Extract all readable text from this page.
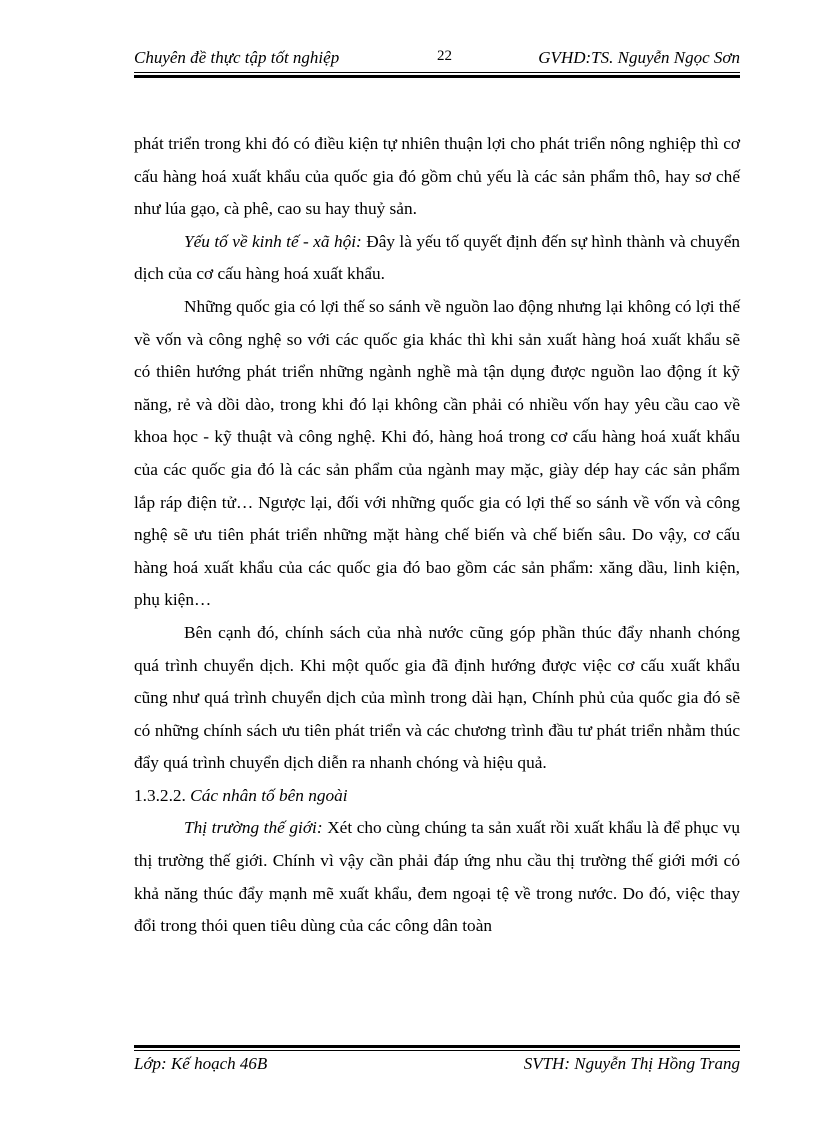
Chuyên đề thực tập tốt nghiệp	22	GVHD:TS. Nguyễn Ngọc Sơn

phát triển trong khi đó có điều kiện tự nhiên thuận lợi cho phát triển nông nghiệp thì cơ cấu hàng hoá xuất khẩu của quốc gia đó gồm chủ yếu là các sản phẩm thô, hay sơ chế như lúa gạo, cà phê, cao su hay thuỷ sản.

Yếu tố về kinh tế - xã hội: Đây là yếu tố quyết định đến sự hình thành và chuyển dịch của cơ cấu hàng hoá xuất khẩu.

Những quốc gia có lợi thế so sánh về nguồn lao động nhưng lại không có lợi thế về vốn và công nghệ so với các quốc gia khác thì khi sản xuất hàng hoá xuất khẩu sẽ có thiên hướng phát triển những ngành nghề mà tận dụng được nguồn lao động ít kỹ năng, rẻ và dồi dào, trong khi đó lại không cần phải có nhiều vốn hay yêu cầu cao về khoa học - kỹ thuật và công nghệ. Khi đó, hàng hoá trong cơ cấu hàng hoá xuất khẩu của các quốc gia đó là các sản phẩm của ngành may mặc, giày dép hay các sản phẩm lắp ráp điện tử… Ngược lại, đối với những quốc gia có lợi thế so sánh về vốn và công nghệ sẽ ưu tiên phát triển những mặt hàng chế biến và chế biến sâu. Do vậy, cơ cấu hàng hoá xuất khẩu của các quốc gia đó bao gồm các sản phẩm: xăng dầu, linh kiện, phụ kiện…

Bên cạnh đó, chính sách của nhà nước cũng góp phần thúc đẩy nhanh chóng quá trình chuyển dịch. Khi một quốc gia đã định hướng được việc cơ cấu xuất khẩu cũng như quá trình chuyển dịch của mình trong dài hạn, Chính phủ của quốc gia đó sẽ có những chính sách ưu tiên phát triển và các chương trình đầu tư phát triển nhằm thúc đẩy quá trình chuyển dịch diễn ra nhanh chóng và hiệu quả.

1.3.2.2. Các nhân tố bên ngoài

Thị trường thế giới: Xét cho cùng chúng ta sản xuất rồi xuất khẩu là để phục vụ thị trường thế giới. Chính vì vậy cần phải đáp ứng nhu cầu thị trường thế giới mới có khả năng thúc đẩy mạnh mẽ xuất khẩu, đem ngoại tệ về trong nước. Do đó, việc thay đổi trong thói quen tiêu dùng của các công dân toàn

Lớp: Kế hoạch 46B	SVTH: Nguyễn Thị Hồng Trang
